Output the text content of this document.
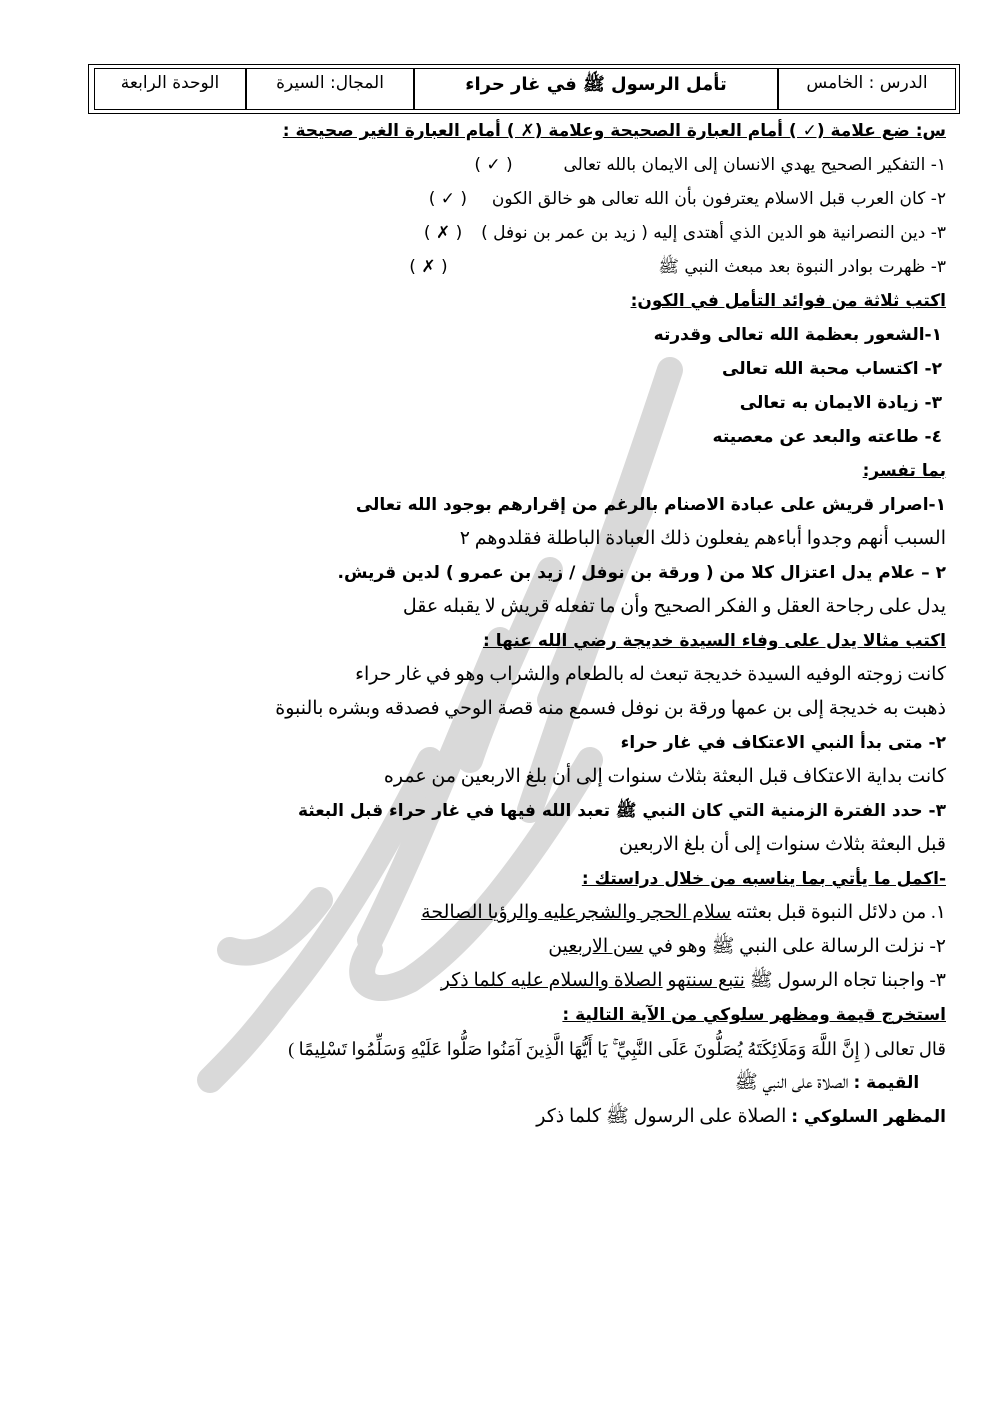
الدرس : الخامس
تأمل الرسول ﷺ في غار حراء
المجال: السيرة
الوحدة الرابعة
س: ضع علامة (✓ ) أمام العبارة الصحيحة وعلامة (✗ ) أمام العبارة الغير صحيحة :
١- التفكير الصحيح يهدي الانسان إلى الايمان بالله تعالى  ( ✓ )
٢- كان العرب قبل الاسلام يعترفون بأن الله تعالى هو خالق الكون  ( ✓ )
٣- دين النصرانية هو الدين الذي أهتدى إليه ( زيد بن عمر بن نوفل )  ( ✗ )
٣- ظهرت بوادر النبوة بعد مبعث النبي ﷺ  ( ✗ )
اكتب ثلاثة من فوائد التأمل في الكون:
١-الشعور بعظمة الله تعالى وقدرته
٢- اكتساب محبة الله تعالى
٣- زيادة الايمان به تعالى
٤- طاعته والبعد عن معصيته
بما تفسر:
١-اصرار قريش على عبادة الاصنام بالرغم من إقرارهم بوجود الله تعالى
السبب أنهم وجدوا أباءهم يفعلون ذلك العبادة الباطلة فقلدوهم ٢
٢ – علام يدل اعتزال كلا من ( ورقة بن نوفل / زيد بن عمرو ) لدين قريش.
يدل على رجاحة العقل و الفكر الصحيح وأن ما تفعله قريش لا يقبله عقل
اكتب مثالا يدل على وفاء السيدة خديجة رضي الله عنها :
كانت زوجته الوفيه السيدة خديجة تبعث له بالطعام والشراب وهو في غار حراء
ذهبت به خديجة إلى بن عمها ورقة بن نوفل فسمع منه قصة الوحي فصدقه وبشره بالنبوة
٢- متى بدأ النبي الاعتكاف في غار حراء
كانت بداية الاعتكاف قبل البعثة بثلاث سنوات إلى أن بلغ الاربعين من عمره
٣- حدد الفترة الزمنية التي كان النبي ﷺ تعبد الله فيها في غار حراء قبل البعثة
قبل البعثة بثلاث سنوات إلى أن بلغ الاربعين
-اكمل ما يأتي بما يناسبه من خلال دراستك :
١. من دلائل النبوة قبل بعثته سلام الحجر والشجرعليه والرؤيا الصالحة
٢- نزلت الرسالة على النبي ﷺ وهو في سن الاربعين
٣- واجبنا تجاه الرسول ﷺ نتبع سنتهو الصلاة والسلام عليه كلما ذكر
استخرج قيمة ومظهر سلوكي من الآية التالية :
قال تعالى ( إِنَّ اللَّهَ وَمَلَائِكَتَهُ يُصَلُّونَ عَلَى النَّبِيِّ ۚ يَا أَيُّهَا الَّذِينَ آمَنُوا صَلُّوا عَلَيْهِ وَسَلِّمُوا تَسْلِيمًا )
القيمة : الصلاة على النبي ﷺ
المظهر السلوكي : الصلاة على الرسول ﷺ كلما ذكر
